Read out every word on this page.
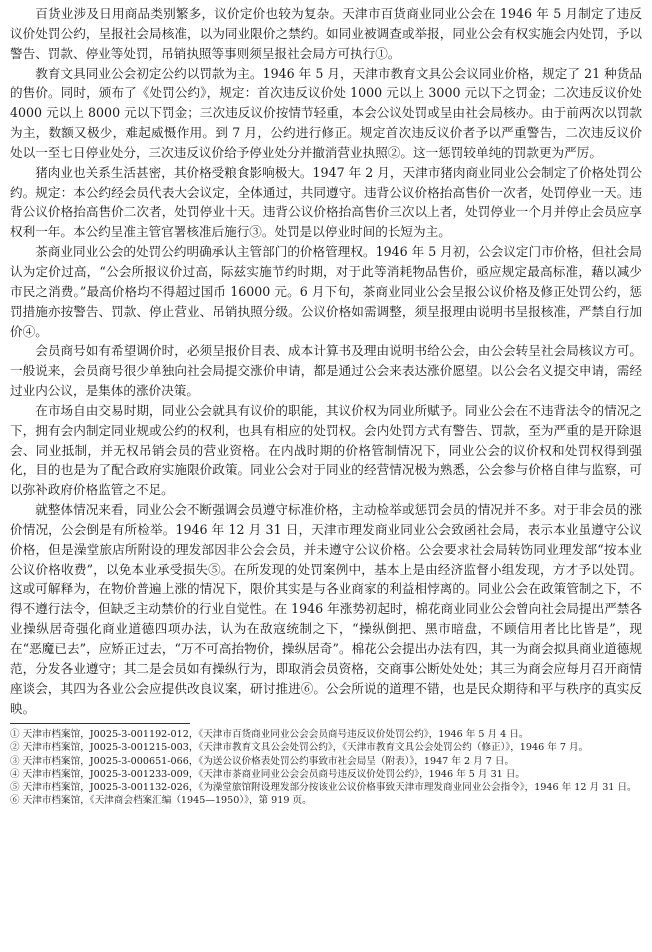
百货业涉及日用商品类别繁多，议价定价也较为复杂。天津市百货商业同业公会在 1946 年 5 月制定了违反议价处罚公约，呈报社会局核准，以为同业限价之禁约。如同业被调查或举报，同业公会有权实施会内处罚，予以警告、罚款、停业等处罚，吊销执照等事则须呈报社会局方可执行①。

教育文具同业公会初定公约以罚款为主。1946 年 5 月，天津市教育文具公会议同业价格，规定了 21 种货品的售价。同时，颁布了《处罚公约》，规定：首次违反议价处 1000 元以上 3000 元以下之罚金；二次违反议价处 4000 元以上 8000 元以下罚金；三次违反议价按情节轻重，本会公议处罚或呈由社会局核办。由于前两次以罚款为主，数额又极少，难起威慑作用。到 7 月，公约进行修正。规定首次违反议价者予以严重警告，二次违反议价处以一至七日停业处分，三次违反议价给予停业处分并撤消营业执照②。这一惩罚较单纯的罚款更为严厉。

猪肉业也关系生活甚密，其价格受粮食影响极大。1947 年 2 月，天津市猪肉商业同业公会制定了价格处罚公约。规定：本公约经会员代表大会议定，全体通过，共同遵守。违背公议价格抬高售价一次者，处罚停业一天。违背公议价格抬高售价二次者，处罚停业十天。违背公议价格抬高售价三次以上者，处罚停业一个月并停止会员应享权利一年。本公约呈准主管官署核准后施行③。处罚是以停业时间的长短为主。

茶商业同业公会的处罚公约明确承认主管部门的价格管理权。1946 年 5 月初，公会议定门市价格，但社会局认为定价过高，“公会所报议价过高，际兹实施节约时期，对于此等消耗物品售价，亟应规定最高标准，藉以减少市民之消费。”最高价格均不得超过国币 16000 元。6 月下旬，茶商业同业公会呈报公议价格及修正处罚公约，惩罚措施亦按警告、罚款、停止营业、吊销执照分级。公议价格如需调整，须呈报理由说明书呈报核准，严禁自行加价④。

会员商号如有希望调价时，必须呈报价目表、成本计算书及理由说明书给公会，由公会转呈社会局核议方可。一般说来，会员商号很少单独向社会局提交涨价申请，都是通过公会来表达涨价愿望。以公会名义提交申请，需经过业内公议，是集体的涨价决策。

在市场自由交易时期，同业公会就具有议价的职能，其议价权为同业所赋予。同业公会在不违背法令的情况之下，拥有会内制定同业规或公约的权利，也具有相应的处罚权。会内处罚方式有警告、罚款，至为严重的是开除退会、同业抵制，并无权吊销会员的营业资格。在内战时期的价格管制情况下，同业公会的议价权和处罚权得到强化，目的也是为了配合政府实施限价政策。同业公会对于同业的经营情况极为熟悉，公会参与价格自律与监察，可以弥补政府价格监管之不足。

就整体情况来看，同业公会不断强调会员遵守标准价格，主动检举或惩罚会员的情况并不多。对于非会员的涨价情况，公会倒是有所检举。1946 年 12 月 31 日，天津市理发商业同业公会致函社会局，表示本业虽遵守公议价格，但是澡堂旅店所附设的理发部因非公会会员，并未遵守公议价格。公会要求社会局转饬同业理发部“按本业公议价格收费”，以免本业承受损失⑤。在所发现的处罚案例中，基本上是由经济监督小组发现，方才予以处罚。这或可解释为，在物价普遍上涨的情况下，限价其实是与各业商家的利益相悖离的。同业公会在政策管制之下，不得不遵行法令，但缺乏主动禁价的行业自觉性。在 1946 年涨势初起时，棉花商业同业公会曾向社会局提出严禁各业操纵居奇强化商业道德四项办法，认为在敌寇统制之下，“操纵倒把、黑市暗盘，不顾信用者比比皆是”，现在“恶魔已去”，应矫正过去，“万不可高抬物价，操纵居奇”。棉花公会提出办法有四，其一为商会拟具商业道德规范，分发各业遵守；其二是会员如有操纵行为，即取消会员资格，交商事公断处处处；其三为商会应每月召开商情座谈会，其四为各业公会应提供改良议案，研讨推进⑥。公会所说的道理不错，也是民众期待和平与秩序的真实反映。

① 天津市档案馆，J0025-3-001192-012，《天津市百货商业同业公会会员商号违反议价处罚公约》，1946 年 5 月 4 日。

② 天津市档案馆，J0025-3-001215-003，《天津市教育文具公会处罚公约》，《天津市教育文具公会处罚公约（修正）》，1946 年 7 月。

③ 天津市档案馆，J0025-3-000651-066，《为送公议价格表处罚公约事致市社会局呈（附表）》，1947 年 2 月 7 日。

④ 天津市档案馆，J0025-3-001233-009，《天津市茶商业同业公会会员商号违反议价处罚公约》，1946 年 5 月 31 日。

⑤ 天津市档案馆，J0025-3-001132-026，《为澡堂旅馆附设理发部分按该业公议价格事致天津市理发商业同业公会指令》，1946 年 12 月 31 日。

⑥ 天津市档案馆，《天津商会档案汇编（1945—1950）》，第 919 页。
